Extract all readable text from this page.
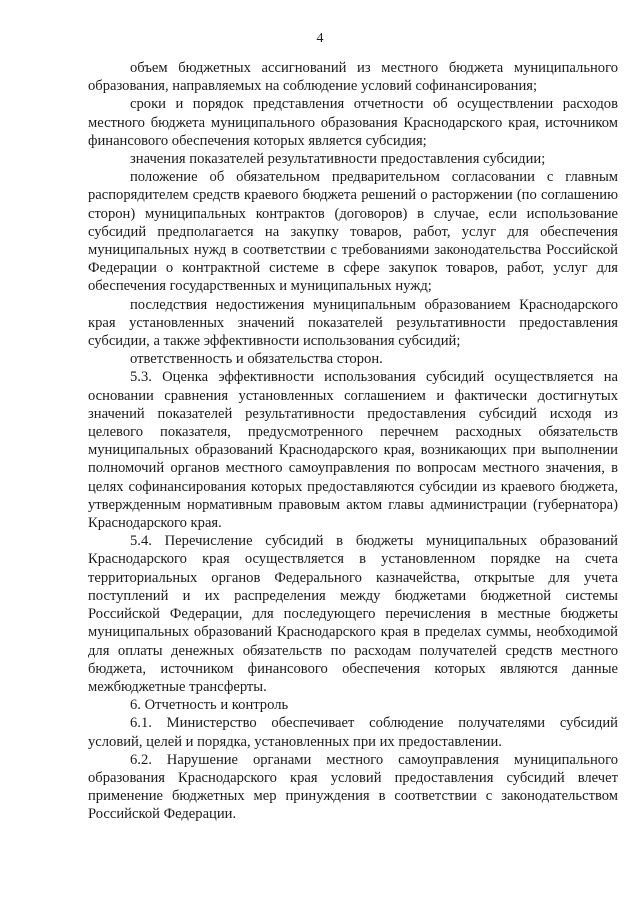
4

объем бюджетных ассигнований из местного бюджета муниципального образования, направляемых на соблюдение условий софинансирования;

сроки и порядок представления отчетности об осуществлении расходов местного бюджета муниципального образования Краснодарского края, источником финансового обеспечения которых является субсидия;

значения показателей результативности предоставления субсидии;

положение об обязательном предварительном согласовании с главным распорядителем средств краевого бюджета решений о расторжении (по соглашению сторон) муниципальных контрактов (договоров) в случае, если использование субсидий предполагается на закупку товаров, работ, услуг для обеспечения муниципальных нужд в соответствии с требованиями законодательства Российской Федерации о контрактной системе в сфере закупок товаров, работ, услуг для обеспечения государственных и муниципальных нужд;

последствия недостижения муниципальным образованием Краснодарского края установленных значений показателей результативности предоставления субсидии, а также эффективности использования субсидий;

ответственность и обязательства сторон.

5.3. Оценка эффективности использования субсидий осуществляется на основании сравнения установленных соглашением и фактически достигнутых значений показателей результативности предоставления субсидий исходя из целевого показателя, предусмотренного перечнем расходных обязательств муниципальных образований Краснодарского края, возникающих при выполнении полномочий органов местного самоуправления по вопросам местного значения, в целях софинансирования которых предоставляются субсидии из краевого бюджета, утвержденным нормативным правовым актом главы администрации (губернатора) Краснодарского края.

5.4. Перечисление субсидий в бюджеты муниципальных образований Краснодарского края осуществляется в установленном порядке на счета территориальных органов Федерального казначейства, открытые для учета поступлений и их распределения между бюджетами бюджетной системы Российской Федерации, для последующего перечисления в местные бюджеты муниципальных образований Краснодарского края в пределах суммы, необходимой для оплаты денежных обязательств по расходам получателей средств местного бюджета, источником финансового обеспечения которых являются данные межбюджетные трансферты.

6. Отчетность и контроль

6.1. Министерство обеспечивает соблюдение получателями субсидий условий, целей и порядка, установленных при их предоставлении.

6.2. Нарушение органами местного самоуправления муниципального образования Краснодарского края условий предоставления субсидий влечет применение бюджетных мер принуждения в соответствии с законодательством Российской Федерации.
